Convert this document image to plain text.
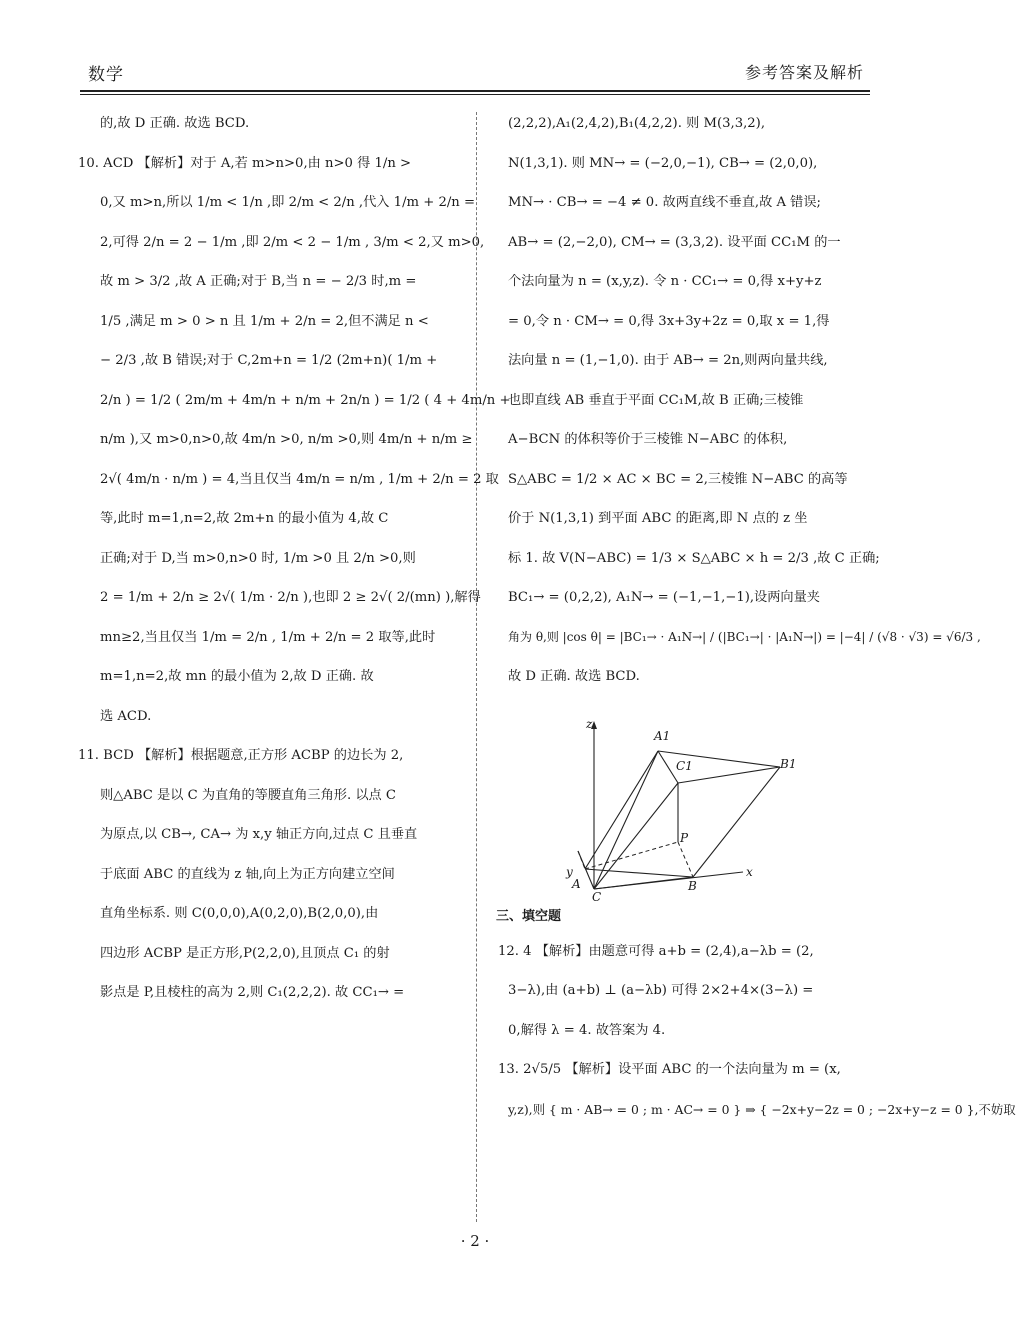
数学	参考答案及解析
的,故 D 正确. 故选 BCD.
10. ACD 【解析】对于 A,若 m>n>0,由 n>0 得 1/n >
0,又 m>n,所以 1/m < 1/n ,即 2/m < 2/n ,代入 1/m + 2/n =
2,可得 2/n = 2 − 1/m ,即 2/m < 2 − 1/m , 3/m < 2,又 m>0,
故 m > 3/2 ,故 A 正确;对于 B,当 n = − 2/3 时,m =
1/5 ,满足 m > 0 > n 且 1/m + 2/n = 2,但不满足 n <
− 2/3 ,故 B 错误;对于 C,2m+n = 1/2 (2m+n)( 1/m +
2/n ) = 1/2 ( 2m/m + 4m/n + n/m + 2n/n ) = 1/2 ( 4 + 4m/n +
n/m ),又 m>0,n>0,故 4m/n >0, n/m >0,则 4m/n + n/m ≥
2√( 4m/n · n/m ) = 4,当且仅当 4m/n = n/m , 1/m + 2/n = 2 取
等,此时 m=1,n=2,故 2m+n 的最小值为 4,故 C
正确;对于 D,当 m>0,n>0 时, 1/m >0 且 2/n >0,则
2 = 1/m + 2/n ≥ 2√( 1/m · 2/n ),也即 2 ≥ 2√( 2/(mn) ),解得
mn≥2,当且仅当 1/m = 2/n , 1/m + 2/n = 2 取等,此时
m=1,n=2,故 mn 的最小值为 2,故 D 正确. 故
选 ACD.
11. BCD 【解析】根据题意,正方形 ACBP 的边长为 2,
则△ABC 是以 C 为直角的等腰直角三角形. 以点 C
为原点,以 CB→, CA→ 为 x,y 轴正方向,过点 C 且垂直
于底面 ABC 的直线为 z 轴,向上为正方向建立空间
直角坐标系. 则 C(0,0,0),A(0,2,0),B(2,0,0),由
四边形 ACBP 是正方形,P(2,2,0),且顶点 C₁ 的射
影点是 P,且棱柱的高为 2,则 C₁(2,2,2). 故 CC₁→ =
(2,2,2),A₁(2,4,2),B₁(4,2,2). 则 M(3,3,2),
N(1,3,1). 则 MN→ = (−2,0,−1), CB→ = (2,0,0),
MN→ · CB→ = −4 ≠ 0. 故两直线不垂直,故 A 错误;
AB→ = (2,−2,0), CM→ = (3,3,2). 设平面 CC₁M 的一
个法向量为 n = (x,y,z). 令 n · CC₁→ = 0,得 x+y+z
= 0,令 n · CM→ = 0,得 3x+3y+2z = 0,取 x = 1,得
法向量 n = (1,−1,0). 由于 AB→ = 2n,则两向量共线,
也即直线 AB 垂直于平面 CC₁M,故 B 正确;三棱锥
A−BCN 的体积等价于三棱锥 N−ABC 的体积,
S△ABC = 1/2 × AC × BC = 2,三棱锥 N−ABC 的高等
价于 N(1,3,1) 到平面 ABC 的距离,即 N 点的 z 坐
标 1. 故 V(N−ABC) = 1/3 × S△ABC × h = 2/3 ,故 C 正确;
BC₁→ = (0,2,2), A₁N→ = (−1,−1,−1),设两向量夹
角为 θ,则 |cos θ| = |BC₁→ · A₁N→| / (|BC₁→| · |A₁N→|) = |−4| / (√8 · √3) = √6/3 ,
故 D 正确. 故选 BCD.
z
y	x
A1
C1	B1
P
A	B
C
三、填空题
12. 4 【解析】由题意可得 a+b = (2,4),a−λb = (2,
3−λ),由 (a+b) ⊥ (a−λb) 可得 2×2+4×(3−λ) =
0,解得 λ = 4. 故答案为 4.
13. 2√5/5 【解析】设平面 ABC 的一个法向量为 m = (x,
y,z),则 { m · AB→ = 0 ; m · AC→ = 0 } ⇒ { −2x+y−2z = 0 ; −2x+y−z = 0 },不妨取
· 2 ·
